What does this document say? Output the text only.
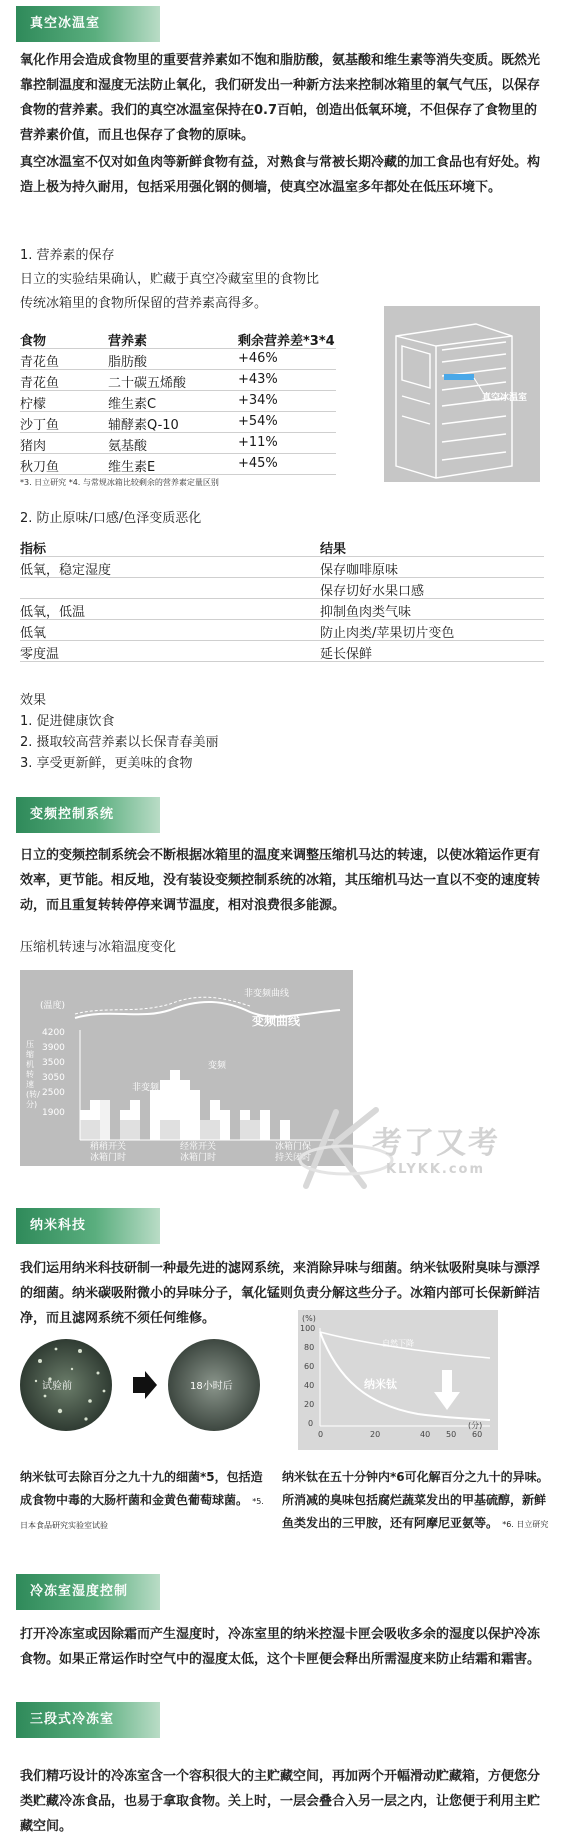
真空冰温室
氧化作用会造成食物里的重要营养素如不饱和脂肪酸，氨基酸和维生素等消失变质。既然光靠控制温度和湿度无法防止氧化，我们研发出一种新方法来控制冰箱里的氧气气压，以保存食物的营养素。我们的真空冰温室保持在0.7百帕，创造出低氧环境，不但保存了食物里的营养素价值，而且也保存了食物的原味。
真空冰温室不仅对如鱼肉等新鲜食物有益，对熟食与常被长期冷藏的加工食品也有好处。构造上极为持久耐用，包括采用强化钢的侧墙，使真空冰温室多年都处在低压环境下。
1. 营养素的保存
日立的实验结果确认，贮藏于真空冷藏室里的食物比
传统冰箱里的食物所保留的营养素高得多。
食物	营养素	剩余营养差*3*4
青花鱼	脂肪酸	+46%
青花鱼	二十碳五烯酸	+43%
柠檬	维生素C	+34%
沙丁鱼	辅酵素Q-10	+54%
猪肉	氨基酸	+11%
秋刀鱼	维生素E	+45%
*3. 日立研究 *4. 与常规冰箱比较剩余的营养素定量区别
真空冰温室
2. 防止原味/口感/色泽变质恶化
指标	结果
低氧，稳定湿度	保存咖啡原味
保存切好水果口感
低氧，低温	抑制鱼肉类气味
低氧	防止肉类/苹果切片变色
零度温	延长保鲜
效果
1. 促进健康饮食
2. 摄取较高营养素以长保青春美丽
3. 享受更新鲜，更美味的食物
变频控制系统
日立的变频控制系统会不断根据冰箱里的温度来调整压缩机马达的转速，以使冰箱运作更有效率，更节能。相反地，没有装设变频控制系统的冰箱，其压缩机马达一直以不变的速度转动，而且重复转转停停来调节温度，相对浪费很多能源。
压缩机转速与冰箱温度变化
(温度)
压缩机转速(转/分)
4200
3900
3500
3050
2500
1900
非变频曲线
变频曲线
非变频
变频
稍稍开关
冰箱门时
经常开关
冰箱门时
冰箱门保
持关闭时 考了又考
KLYKK.com
纳米科技
我们运用纳米科技研制一种最先进的滤网系统，来消除异味与细菌。纳米钛吸附臭味与漂浮的细菌。纳米碳吸附微小的异味分子，氧化锰则负责分解这些分子。冰箱内部可长保新鲜洁 净，而且滤网系统不须任何维修。
试验前	18小时后
(%)
100
80
60
40
20
0
0	20	40 50 60
(分)
自然下降
纳米钛
纳米钛可去除百分之九十九的细菌*5，包括造成食物中毒的大肠杆菌和金黄色葡萄球菌。 *5. 日本食品研究实验室试验
纳米钛在五十分钟内*6可化解百分之九十的异味。所消减的臭味包括腐烂蔬菜发出的甲基硫醇，新鲜鱼类发出的三甲胺，还有阿摩尼亚氨等。 *6. 日立研究
冷冻室湿度控制
打开冷冻室或因除霜而产生湿度时，冷冻室里的纳米控湿卡匣会吸收多余的湿度以保护冷冻食物。如果正常运作时空气中的湿度太低，这个卡匣便会释出所需湿度来防止结霜和霜害。
三段式冷冻室
我们精巧设计的冷冻室含一个容积很大的主贮藏空间，再加两个开幅滑动贮藏箱，方便您分类贮藏冷冻食品，也易于拿取食物。关上时，一层会叠合入另一层之内，让您便于利用主贮藏空间。
